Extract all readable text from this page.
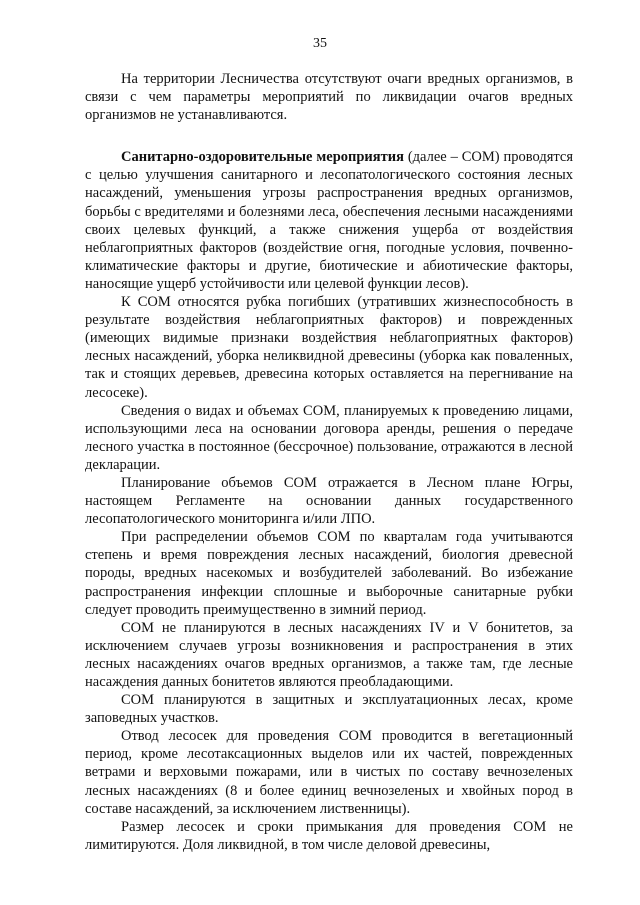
35

На территории Лесничества отсутствуют очаги вредных организмов, в связи с чем параметры мероприятий по ликвидации очагов вредных организмов не устанавливаются.

Санитарно-оздоровительные мероприятия (далее – СОМ) проводятся с целью улучшения санитарного и лесопатологического состояния лесных насаждений, уменьшения угрозы распространения вредных организмов, борьбы с вредителями и болезнями леса, обеспечения лесными насаждениями своих целевых функций, а также снижения ущерба от воздействия неблагоприятных факторов (воздействие огня, погодные условия, почвенно-климатические факторы и другие, биотические и абиотические факторы, наносящие ущерб устойчивости или целевой функции лесов).

К СОМ относятся рубка погибших (утративших жизнеспособность в результате воздействия неблагоприятных факторов) и поврежденных (имеющих видимые признаки воздействия неблагоприятных факторов) лесных насаждений, уборка неликвидной древесины (уборка как поваленных, так и стоящих деревьев, древесина которых оставляется на перегнивание на лесосеке).

Сведения о видах и объемах СОМ, планируемых к проведению лицами, использующими леса на основании договора аренды, решения о передаче лесного участка в постоянное (бессрочное) пользование, отражаются в лесной декларации.

Планирование объемов СОМ отражается в Лесном плане Югры, настоящем Регламенте на основании данных государственного лесопатологического мониторинга и/или ЛПО.

При распределении объемов СОМ по кварталам года учитываются степень и время повреждения лесных насаждений, биология древесной породы, вредных насекомых и возбудителей заболеваний. Во избежание распространения инфекции сплошные и выборочные санитарные рубки следует проводить преимущественно в зимний период.

СОМ не планируются в лесных насаждениях IV и V бонитетов, за исключением случаев угрозы возникновения и распространения в этих лесных насаждениях очагов вредных организмов, а также там, где лесные насаждения данных бонитетов являются преобладающими.

СОМ планируются в защитных и эксплуатационных лесах, кроме заповедных участков.

Отвод лесосек для проведения СОМ проводится в вегетационный период, кроме лесотаксационных выделов или их частей, поврежденных ветрами и верховыми пожарами, или в чистых по составу вечнозеленых лесных насаждениях (8 и более единиц вечнозеленых и хвойных пород в составе насаждений, за исключением лиственницы).

Размер лесосек и сроки примыкания для проведения СОМ не лимитируются. Доля ликвидной, в том числе деловой древесины,
